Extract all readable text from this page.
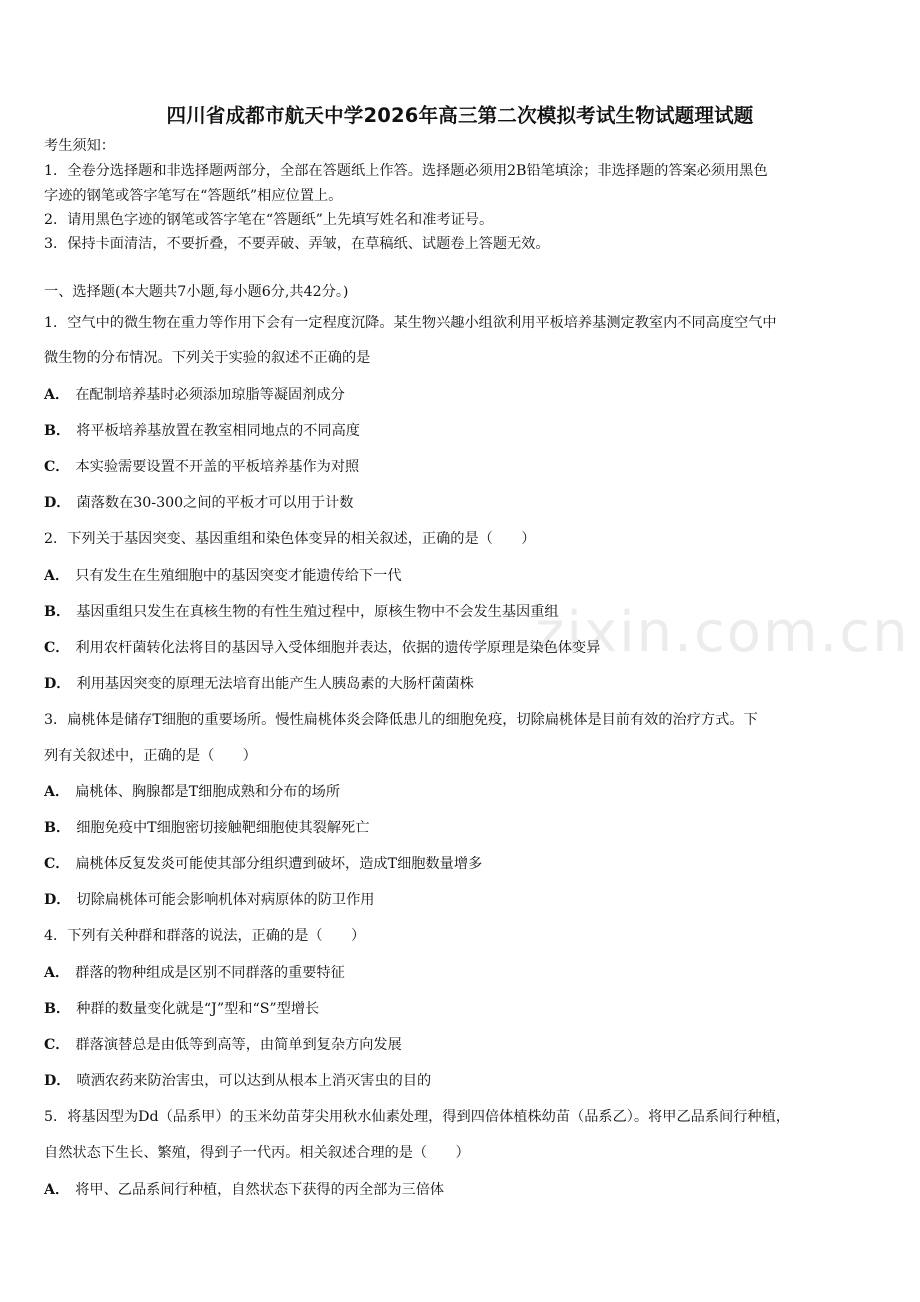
zixin.com.cn
四川省成都市航天中学2026年高三第二次模拟考试生物试题理试题
考生须知：
1．全卷分选择题和非选择题两部分，全部在答题纸上作答。选择题必须用2B铅笔填涂；非选择题的答案必须用黑色
字迹的钢笔或答字笔写在“答题纸”相应位置上。
2．请用黑色字迹的钢笔或答字笔在“答题纸”上先填写姓名和准考证号。
3．保持卡面清洁，不要折叠，不要弄破、弄皱，在草稿纸、试题卷上答题无效。
一、选择题(本大题共7小题,每小题6分,共42分。)
1．空气中的微生物在重力等作用下会有一定程度沉降。某生物兴趣小组欲利用平板培养基测定教室内不同高度空气中
微生物的分布情况。下列关于实验的叙述不正确的是
A． 在配制培养基时必须添加琼脂等凝固剂成分
B． 将平板培养基放置在教室相同地点的不同高度
C． 本实验需要设置不开盖的平板培养基作为对照
D． 菌落数在30-300之间的平板才可以用于计数
2．下列关于基因突变、基因重组和染色体变异的相关叙述，正确的是（　　）
A． 只有发生在生殖细胞中的基因突变才能遗传给下一代
B． 基因重组只发生在真核生物的有性生殖过程中，原核生物中不会发生基因重组
C． 利用农杆菌转化法将目的基因导入受体细胞并表达，依据的遗传学原理是染色体变异
D． 利用基因突变的原理无法培育出能产生人胰岛素的大肠杆菌菌株
3．扁桃体是储存T细胞的重要场所。慢性扁桃体炎会降低患儿的细胞免疫，切除扁桃体是目前有效的治疗方式。下
列有关叙述中，正确的是（　　）
A． 扁桃体、胸腺都是T细胞成熟和分布的场所
B． 细胞免疫中T细胞密切接触靶细胞使其裂解死亡
C． 扁桃体反复发炎可能使其部分组织遭到破坏，造成T细胞数量增多
D． 切除扁桃体可能会影响机体对病原体的防卫作用
4．下列有关种群和群落的说法，正确的是（　　）
A． 群落的物种组成是区别不同群落的重要特征
B． 种群的数量变化就是“J”型和“S”型增长
C． 群落演替总是由低等到高等，由简单到复杂方向发展
D． 喷洒农药来防治害虫，可以达到从根本上消灭害虫的目的
5．将基因型为Dd（品系甲）的玉米幼苗芽尖用秋水仙素处理，得到四倍体植株幼苗（品系乙）。将甲乙品系间行种植，
自然状态下生长、繁殖，得到子一代丙。相关叙述合理的是（　　）
A． 将甲、乙品系间行种植，自然状态下获得的丙全部为三倍体
